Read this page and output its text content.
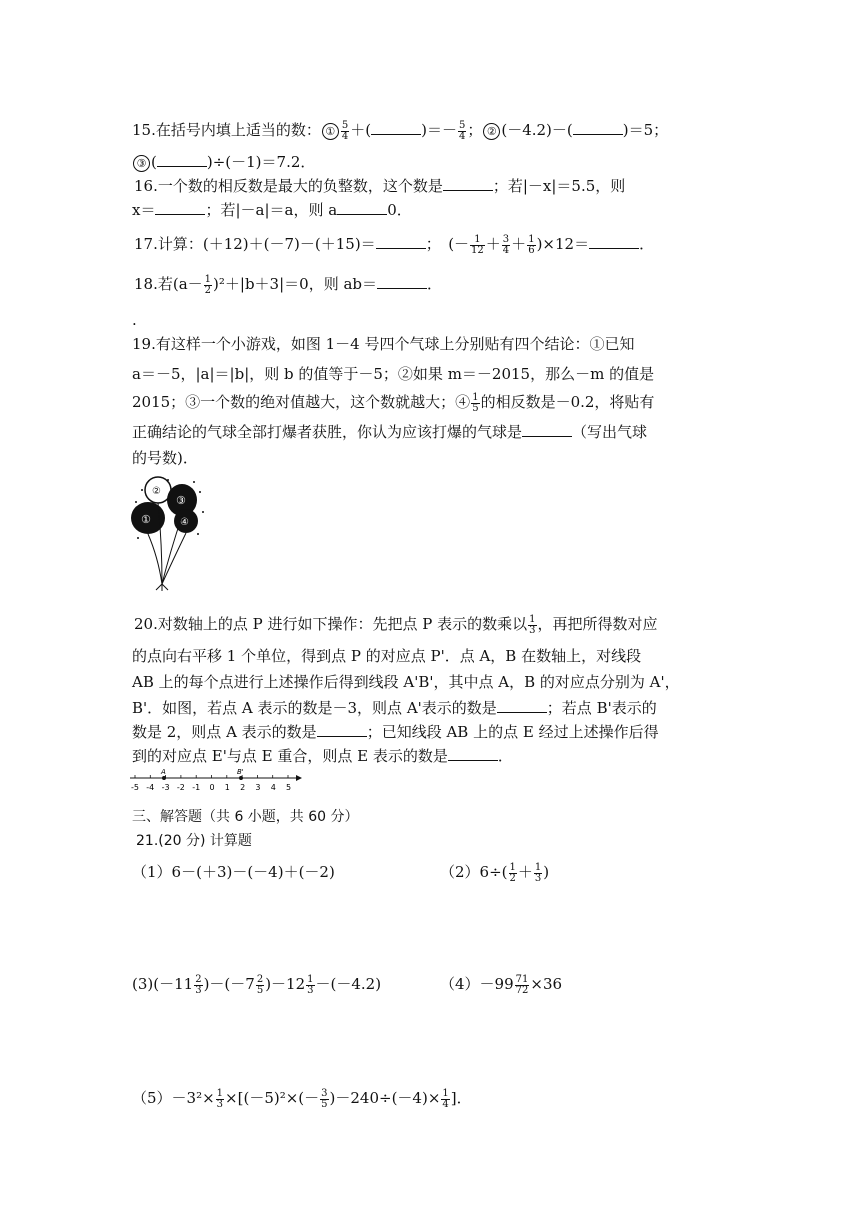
15.在括号内填上适当的数： ① $\frac{5}{4}$ ＋(	)＝－ $\frac{5}{4}$ ； ② (－4.2)－(	)＝5；
③ (	)÷(－1)＝7.2．
16.一个数的相反数是最大的负整数，这个数是	；若|－x|＝5.5，则
x＝	；若|－a|＝a，则 a	0．
17.计算：(＋12)＋(－7)－(＋15)＝	；　(－ $\frac{1}{12} + \frac{3}{4} + \frac{1}{6} )\times 12=$	．
18.若$(a- \frac{1}{2} )^2+|b+3|=0$，则 ab＝	．
.
19.有这样一个小游戏，如图 1－4 号四个气球上分别贴有四个结论：①已知
a＝－5，|a|＝|b|，则 b 的值等于－5；②如果 m＝－2015，那么－m 的值是
2015；③一个数的绝对值越大，这个数就越大；④ $\frac{1}{5}$ 的相反数是－0.2，将贴有
正确结论的气球全部打爆者获胜，你认为应该打爆的气球是	（写出气球
的号数)．
①
②
③
④
20.对数轴上的点 P 进行如下操作：先把点 P 表示的数乘以 $\frac{1}{3}$ ，再把所得数对应
的点向右平移 1 个单位，得到点 P 的对应点 P'．点 A，B 在数轴上，对线段
AB 上的每个点进行上述操作后得到线段 A'B'，其中点 A，B 的对应点分别为 A'，
B'．如图，若点 A 表示的数是－3，则点 A'表示的数是	；若点 B'表示的
数是 2，则点 A 表示的数是	；已知线段 AB 上的点 E 经过上述操作后得
到的对应点 E'与点 E 重合，则点 E 表示的数是	．
-5 -4 -3 -2 -1 0 1 2 3 4 5
A	B'
三、解答题（共 6 小题，共 60 分）
21.(20 分) 计算题
（1）6－(＋3)－(－4)＋(－2)	$(2)6\div( \frac{1}{2} + \frac{1}{3}$ )
$(3)(-11 \frac{2}{3} )-(-7 \frac{2}{5} )-12 \frac{1}{3} -(-4.2)$	$(4)-99 \frac{71}{72} \times 36$
$(5)-3^2\times \frac{1}{3} \times[(-5)^2\times(- \frac{3}{5} )-240\div(-4)\times \frac{1}{4}$ ]．
